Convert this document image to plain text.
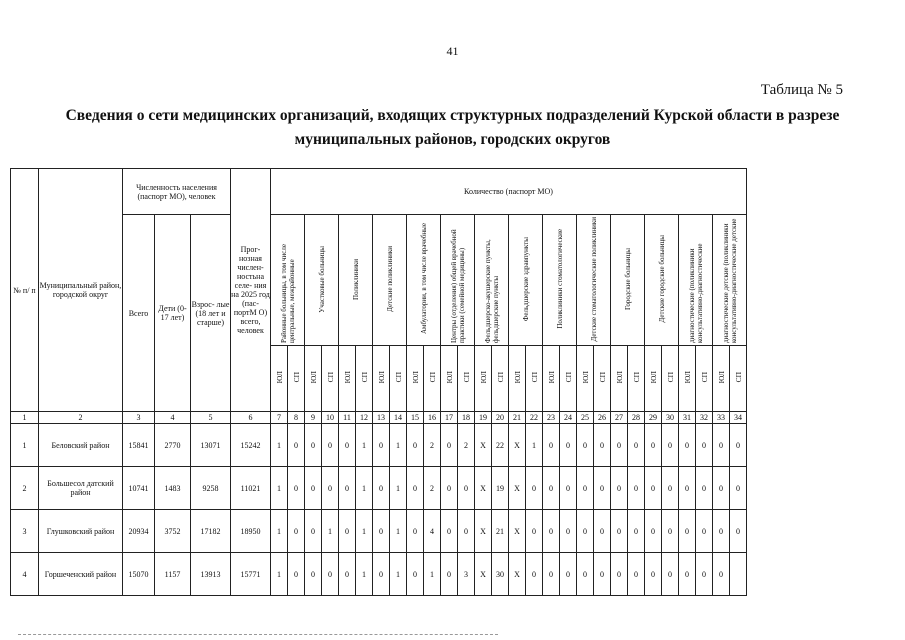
41
Таблица № 5
Сведения о сети медицинских организаций, входящих структурных подразделений Курской области в разрезе муниципальных районов, городских округов
№ п/ п	Муниципальный район, городской округ	Численность населения (паспорт МО), человек			Прог- нозная числен- ностьна селе- ния на 2025 год (пас- портМ О) всего, человек	Количество (паспорт МО)																											
		Всего	Дети (0- 17 лет)	Взрос- лые (18 лет и старше)		Районные больницы, в том числе центральные, межрайонные		Участковые больницы		Поликлиники		Детские поликлиники		Амбулатории, в том числе врачебные		Центры (отделения) общей врачебной практики (семейной медицины)		Фельдшерско-акушерские пункты, фельдшерские пункты		Фельдшерские здравпункты		Поликлиники стоматологические		Детские стоматологические поликлиники		Городские больницы		Детские городские больницы		диагностические (поликлиники консультативно-диагностические		диагностические детские (поликлиники консультативно-диагностические детские	
						ЮЛ	СП	ЮЛ	СП	ЮЛ	СП	ЮЛ	СП	ЮЛ	СП	ЮЛ	СП	ЮЛ	СП	ЮЛ	СП	ЮЛ	СП	ЮЛ	СП	ЮЛ	СП	ЮЛ	СП	ЮЛ	СП	ЮЛ	СП
1	2	3	4	5	6	7	8	9	10	11	12	13	14	15	16	17	18	19	20	21	22	23	24	25	26	27	28	29	30	31	32	33	34
1	Беловский район	15841	2770	13071	15242	1	0	0	0	0	1	0	1	0	2	0	2	X	22	X	1	0	0	0	0	0	0	0	0	0	0	0	0
2	Большесол датский район	10741	1483	9258	11021	1	0	0	0	0	1	0	1	0	2	0	0	X	19	X	0	0	0	0	0	0	0	0	0	0	0	0	0
3	Глушковский район	20934	3752	17182	18950	1	0	0	1	0	1	0	1	0	4	0	0	X	21	X	0	0	0	0	0	0	0	0	0	0	0	0	0
4	Горшеченский район	15070	1157	13913	15771	1	0	0	0	0	1	0	1	0	1	0	3	X	30	X	0	0	0	0	0	0	0	0	0	0	0	0	
